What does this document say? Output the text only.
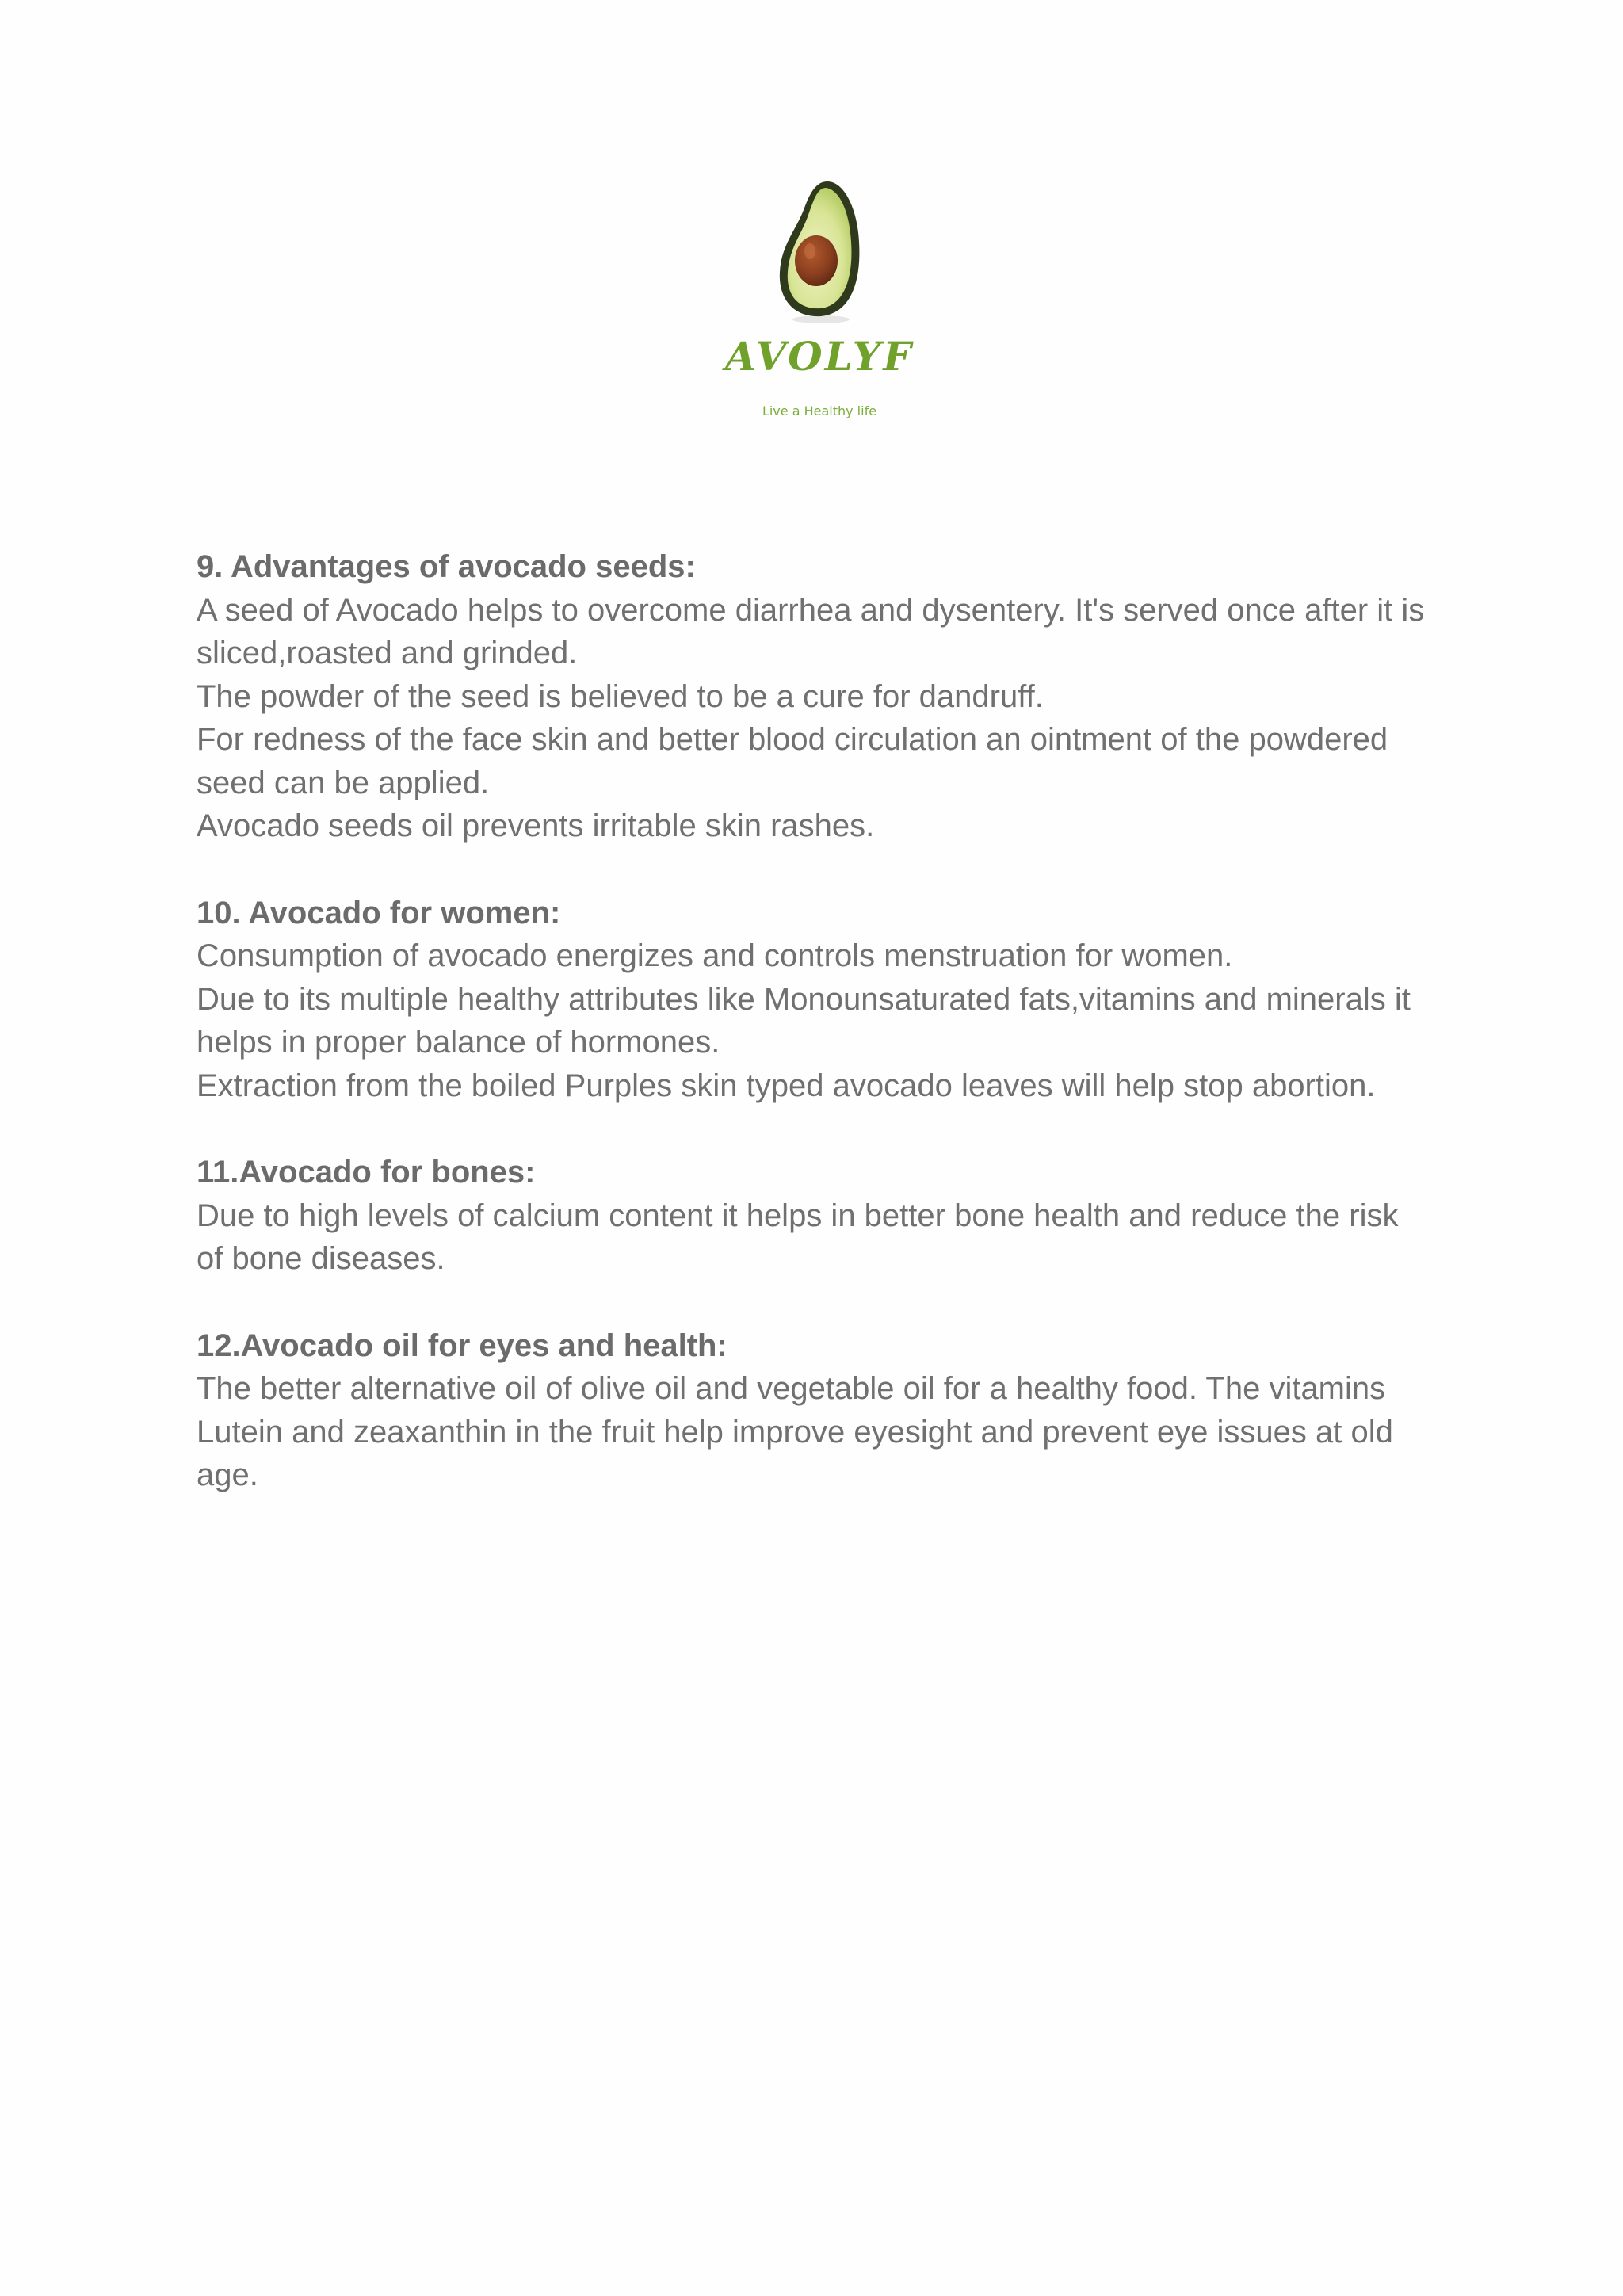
AVOLYF
Live a Healthy life

9. Advantages of avocado seeds:

A seed of Avocado helps to overcome diarrhea and dysentery. It's served once after it is sliced,roasted and grinded.

The powder of the seed is believed to be a cure for dandruff.

For redness of the face skin and better blood circulation an ointment of the powdered seed can be applied.

Avocado seeds oil prevents irritable skin rashes.

10. Avocado for women:

Consumption of avocado energizes and controls menstruation for women.

Due to its multiple healthy attributes like Monounsaturated fats,vitamins and minerals it helps in proper balance of hormones.

Extraction from the boiled Purples skin typed avocado leaves will help stop abortion.

11.Avocado for bones:

Due to high levels of calcium content it helps in better bone health and reduce the risk of bone diseases.

12.Avocado oil for eyes and health:

The better alternative oil of olive oil and vegetable oil for a healthy food. The vitamins Lutein and zeaxanthin in the fruit help improve eyesight and prevent eye issues at old age.
